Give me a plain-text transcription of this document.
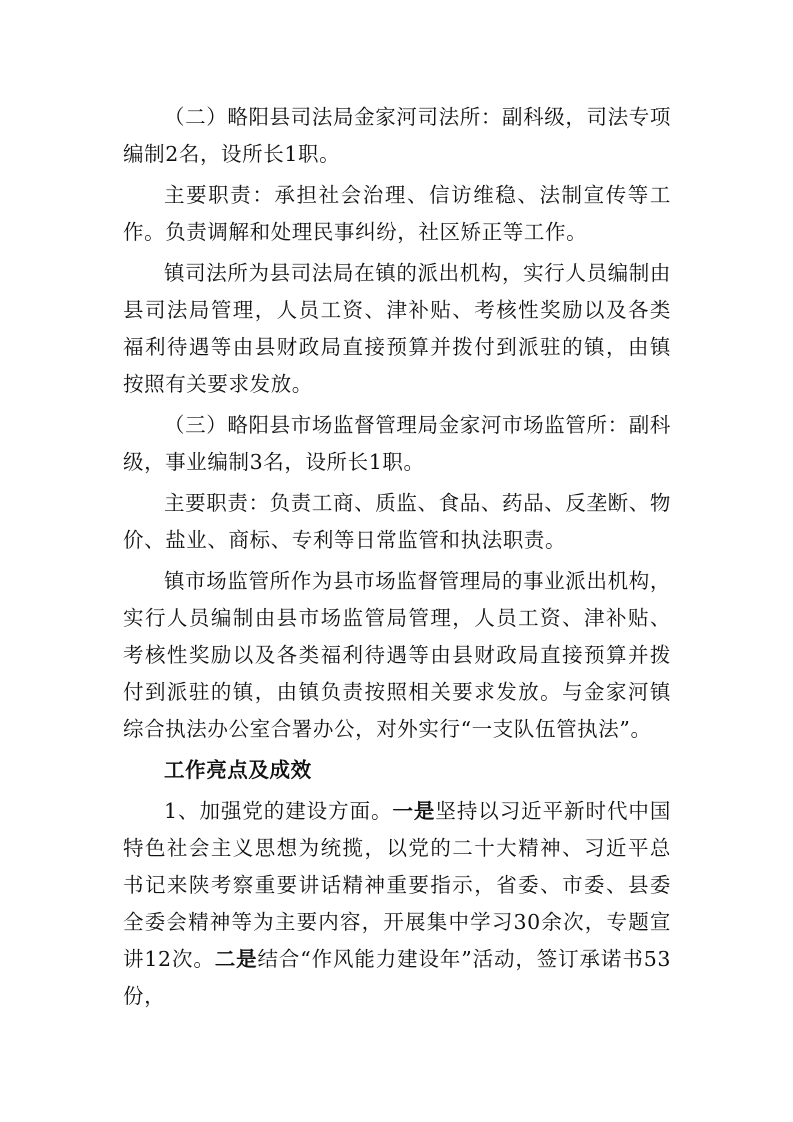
（二）略阳县司法局金家河司法所：副科级，司法专项编制2名，设所长1职。

主要职责：承担社会治理、信访维稳、法制宣传等工作。负责调解和处理民事纠纷，社区矫正等工作。

镇司法所为县司法局在镇的派出机构，实行人员编制由县司法局管理，人员工资、津补贴、考核性奖励以及各类福利待遇等由县财政局直接预算并拨付到派驻的镇，由镇按照有关要求发放。

（三）略阳县市场监督管理局金家河市场监管所：副科级，事业编制3名，设所长1职。

主要职责：负责工商、质监、食品、药品、反垄断、物价、盐业、商标、专利等日常监管和执法职责。

镇市场监管所作为县市场监督管理局的事业派出机构，实行人员编制由县市场监管局管理，人员工资、津补贴、考核性奖励以及各类福利待遇等由县财政局直接预算并拨付到派驻的镇，由镇负责按照相关要求发放。与金家河镇综合执法办公室合署办公，对外实行“一支队伍管执法”。

工作亮点及成效

1、加强党的建设方面。一是坚持以习近平新时代中国特色社会主义思想为统揽，以党的二十大精神、习近平总书记来陕考察重要讲话精神重要指示，省委、市委、县委全委会精神等为主要内容，开展集中学习30余次，专题宣讲12次。二是结合“作风能力建设年”活动，签订承诺书53份，
